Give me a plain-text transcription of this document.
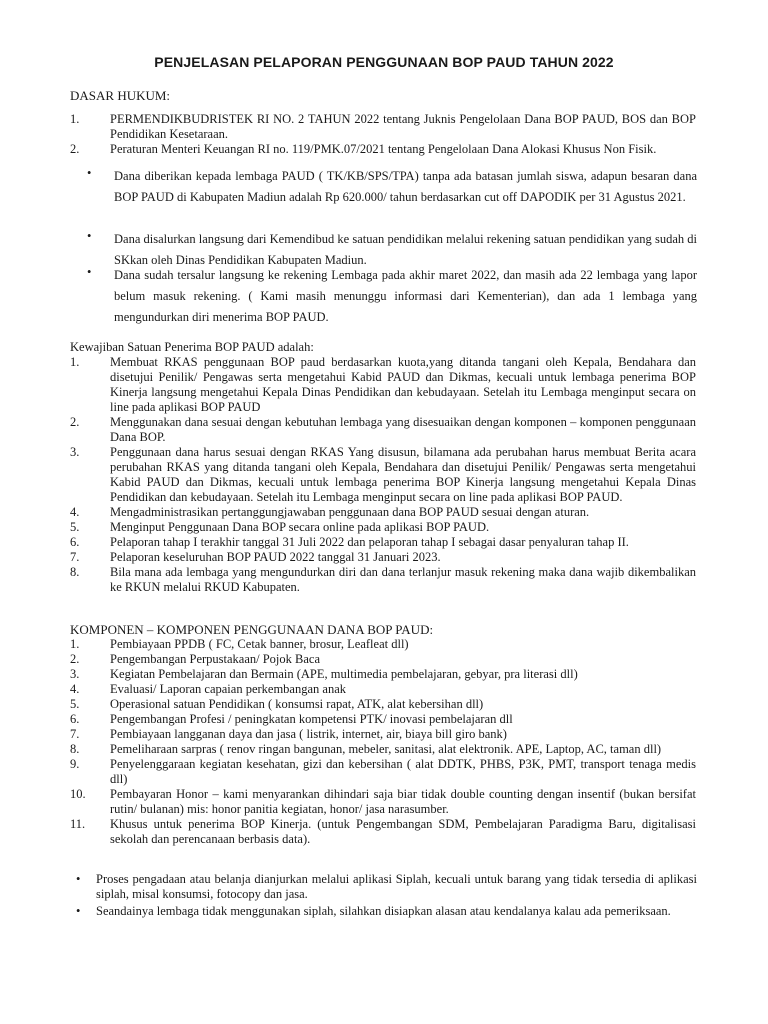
PENJELASAN PELAPORAN PENGGUNAAN BOP PAUD TAHUN 2022
DASAR HUKUM:
1. PERMENDIKBUDRISTEK RI NO. 2 TAHUN 2022 tentang Juknis Pengelolaan Dana BOP PAUD, BOS dan BOP Pendidikan Kesetaraan.
2. Peraturan Menteri Keuangan RI no. 119/PMK.07/2021 tentang Pengelolaan Dana Alokasi Khusus Non Fisik.
•	Dana diberikan kepada lembaga PAUD ( TK/KB/SPS/TPA) tanpa ada batasan jumlah siswa, adapun besaran dana BOP PAUD di Kabupaten Madiun adalah Rp 620.000/ tahun berdasarkan cut off DAPODIK per 31 Agustus 2021.
•	Dana disalurkan langsung dari Kemendibud ke satuan pendidikan melalui rekening satuan pendidikan yang sudah di SKkan oleh Dinas Pendidikan Kabupaten Madiun.
•	Dana sudah tersalur langsung ke rekening Lembaga pada akhir maret 2022, dan masih ada 22 lembaga yang lapor belum masuk rekening. ( Kami masih menunggu informasi dari Kementerian), dan ada 1 lembaga yang mengundurkan diri menerima BOP PAUD.
Kewajiban Satuan Penerima BOP PAUD adalah:
1. Membuat RKAS penggunaan BOP paud berdasarkan kuota,yang ditanda tangani oleh Kepala, Bendahara dan disetujui Penilik/ Pengawas serta mengetahui Kabid PAUD dan Dikmas, kecuali untuk lembaga penerima BOP Kinerja langsung mengetahui Kepala Dinas Pendidikan dan kebudayaan. Setelah itu Lembaga menginput secara on line pada aplikasi BOP PAUD
2. Menggunakan dana sesuai dengan kebutuhan lembaga yang disesuaikan dengan komponen – komponen penggunaan Dana BOP.
3. Penggunaan dana harus sesuai dengan RKAS Yang disusun, bilamana ada perubahan harus membuat Berita acara perubahan RKAS yang ditanda tangani oleh Kepala, Bendahara dan disetujui Penilik/ Pengawas serta mengetahui Kabid PAUD dan Dikmas, kecuali untuk lembaga penerima BOP Kinerja langsung mengetahui Kepala Dinas Pendidikan dan kebudayaan. Setelah itu Lembaga menginput secara on line pada aplikasi BOP PAUD.
4. Mengadministrasikan pertanggungjawaban penggunaan dana BOP PAUD sesuai dengan aturan.
5. Menginput Penggunaan Dana BOP secara online pada aplikasi BOP PAUD.
6. Pelaporan tahap I terakhir tanggal 31 Juli 2022 dan pelaporan tahap I sebagai dasar penyaluran tahap II.
7. Pelaporan keseluruhan BOP PAUD 2022 tanggal 31 Januari 2023.
8. Bila mana ada lembaga yang mengundurkan diri dan dana terlanjur masuk rekening maka dana wajib dikembalikan ke RKUN melalui RKUD Kabupaten.
KOMPONEN – KOMPONEN PENGGUNAAN DANA BOP PAUD:
1. Pembiayaan PPDB ( FC, Cetak banner, brosur, Leafleat dll)
2. Pengembangan Perpustakaan/ Pojok Baca
3. Kegiatan Pembelajaran dan Bermain (APE, multimedia pembelajaran, gebyar, pra literasi dll)
4. Evaluasi/ Laporan capaian perkembangan anak
5. Operasional satuan Pendidikan ( konsumsi rapat, ATK, alat kebersihan dll)
6. Pengembangan Profesi / peningkatan kompetensi PTK/ inovasi pembelajaran dll
7. Pembiayaan langganan daya dan jasa ( listrik, internet, air, biaya bill giro bank)
8. Pemeliharaan sarpras ( renov ringan bangunan, mebeler, sanitasi, alat elektronik. APE, Laptop, AC, taman dll)
9. Penyelenggaraan kegiatan kesehatan, gizi dan kebersihan ( alat DDTK, PHBS, P3K, PMT, transport tenaga medis dll)
10. Pembayaran Honor – kami menyarankan dihindari saja biar tidak double counting dengan insentif (bukan bersifat rutin/ bulanan) mis: honor panitia kegiatan, honor/ jasa narasumber.
11. Khusus untuk penerima BOP Kinerja. (untuk Pengembangan SDM, Pembelajaran Paradigma Baru, digitalisasi sekolah dan perencanaan berbasis data).
•	Proses pengadaan atau belanja dianjurkan melalui aplikasi Siplah, kecuali untuk barang yang tidak tersedia di aplikasi siplah, misal konsumsi, fotocopy dan jasa.
•	Seandainya lembaga tidak menggunakan siplah, silahkan disiapkan alasan atau kendalanya kalau ada pemeriksaan.
